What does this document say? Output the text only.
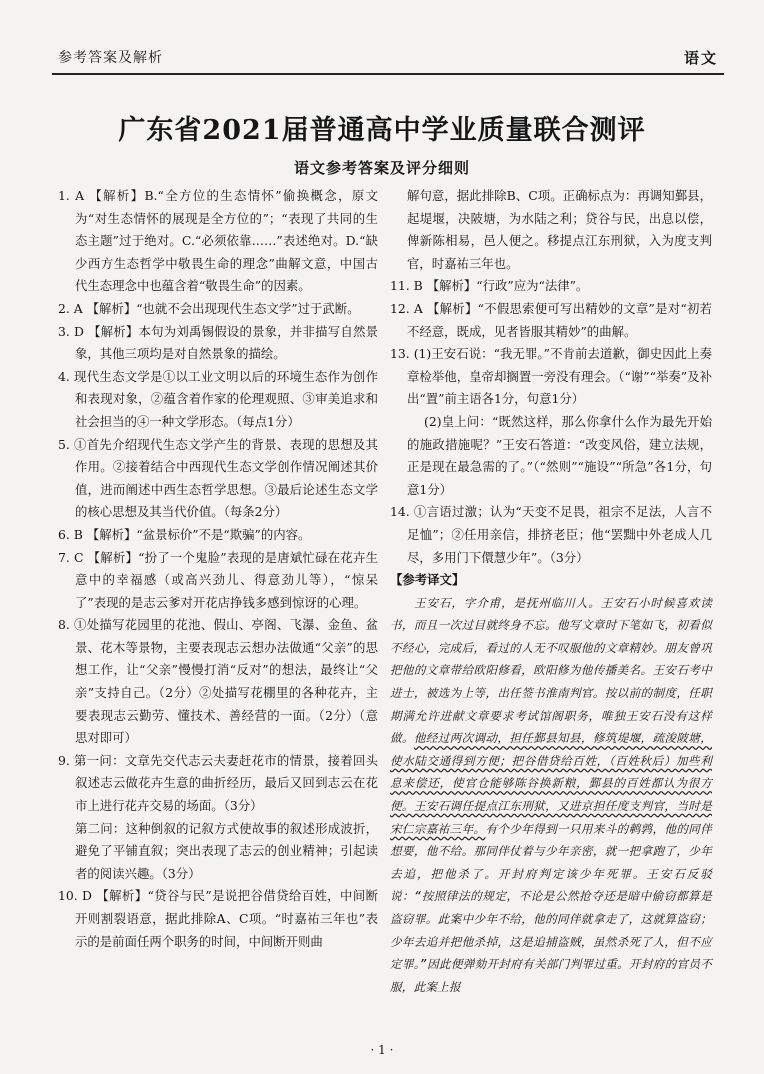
参考答案及解析	语文
广东省2021届普通高中学业质量联合测评
语文参考答案及评分细则

1. A 【解析】B.“全方位的生态情怀”偷换概念，原文为“对生态情怀的展现是全方位的”；“表现了共同的生态主题”过于绝对。C.“必须依靠……”表述绝对。D.“缺少西方生态哲学中敬畏生命的理念”曲解文意，中国古代生态理念中也蕴含着“敬畏生命”的因素。

2. A 【解析】“也就不会出现现代生态文学”过于武断。

3. D 【解析】本句为刘禹锡假设的景象，并非描写自然景象，其他三项均是对自然景象的描绘。

4. 现代生态文学是①以工业文明以后的环境生态作为创作和表现对象，②蕴含着作家的伦理观照、③审美追求和社会担当的④一种文学形态。（每点1分）

5. ①首先介绍现代生态文学产生的背景、表现的思想及其作用。②接着结合中西现代生态文学创作情况阐述其价值，进而阐述中西生态哲学思想。③最后论述生态文学的核心思想及其当代价值。（每条2分）

6. B 【解析】“盆景标价”不是“欺骗”的内容。

7. C 【解析】“扮了一个鬼脸”表现的是唐斌忙碌在花卉生意中的幸福感（或高兴劲儿、得意劲儿等），“惊呆了”表现的是志云爹对开花店挣钱多感到惊讶的心理。

8. ①处描写花园里的花池、假山、亭阁、飞瀑、金鱼、盆景、花木等景物，主要表现志云想办法做通“父亲”的思想工作，让“父亲”慢慢打消“反对”的想法，最终让“父亲”支持自己。（2分）②处描写花棚里的各种花卉，主要表现志云勤劳、懂技术、善经营的一面。（2分）（意思对即可）

9. 第一问：文章先交代志云夫妻赶花市的情景，接着回头叙述志云做花卉生意的曲折经历，最后又回到志云在花市上进行花卉交易的场面。（3分）

第二问：这种倒叙的记叙方式使故事的叙述形成波折，避免了平铺直叙；突出表现了志云的创业精神；引起读者的阅读兴趣。（3分）

10. D 【解析】“贷谷与民”是说把谷借贷给百姓，中间断开则割裂语意，据此排除A、C项。“时嘉祐三年也”表示的是前面任两个职务的时间，中间断开则曲

解句意，据此排除B、C项。正确标点为：再调知鄞县，起堤堰，决陂塘，为水陆之利；贷谷与民，出息以偿，俾新陈相易，邑人便之。移提点江东刑狱，入为度支判官，时嘉祐三年也。

11. B 【解析】“行政”应为“法律”。

12. A 【解析】“不假思索便可写出精妙的文章”是对“初若不经意，既成，见者皆服其精妙”的曲解。

13. (1)王安石说：“我无罪。”不肯前去道歉，御史因此上奏章检举他，皇帝却搁置一旁没有理会。（“谢”“举奏”及补出“置”前主语各1分，句意1分）

(2)皇上问：“既然这样，那么你拿什么作为最先开始的施政措施呢？”王安石答道：“改变风俗，建立法规，正是现在最急需的了。”（“然则”“施设”“所急”各1分，句意1分）

14. ①言语过激；认为“天变不足畏，祖宗不足法，人言不足恤”；②任用亲信，排挤老臣；他“罢黜中外老成人几尽，多用门下儇慧少年”。（3分）

【参考译文】

王安石，字介甫，是抚州临川人。王安石小时候喜欢读书，而且一次过目就终身不忘。他写文章时下笔如飞，初看似不经心，完成后，看过的人无不叹服他的文章精妙。朋友曾巩把他的文章带给欧阳修看，欧阳修为他传播美名。王安石考中进士，被选为上等，出任签书淮南判官。按以前的制度，任职期满允许进献文章要求考试馆阁职务，唯独王安石没有这样做。他经过两次调动，担任鄞县知县，修筑堤堰，疏浚陂塘，使水陆交通得到方便；把谷借贷给百姓，（百姓秋后）加些利息来偿还，使官仓能够陈谷换新粮，鄞县的百姓都认为很方便。王安石调任提点江东刑狱，又进京担任度支判官，当时是宋仁宗嘉祐三年。有个少年得到一只用来斗的鹌鹑，他的同伴想要，他不给。那同伴仗着与少年亲密，就一把拿跑了，少年去追，把他杀了。开封府判定该少年死罪。王安石反驳说：“按照律法的规定，不论是公然抢夺还是暗中偷窃都算是盗窃罪。此案中少年不给，他的同伴就拿走了，这就算盗窃；少年去追并把他杀掉，这是追捕盗贼，虽然杀死了人，但不应定罪。”因此便弹劾开封府有关部门判罪过重。开封府的官员不服，此案上报

· 1 ·
